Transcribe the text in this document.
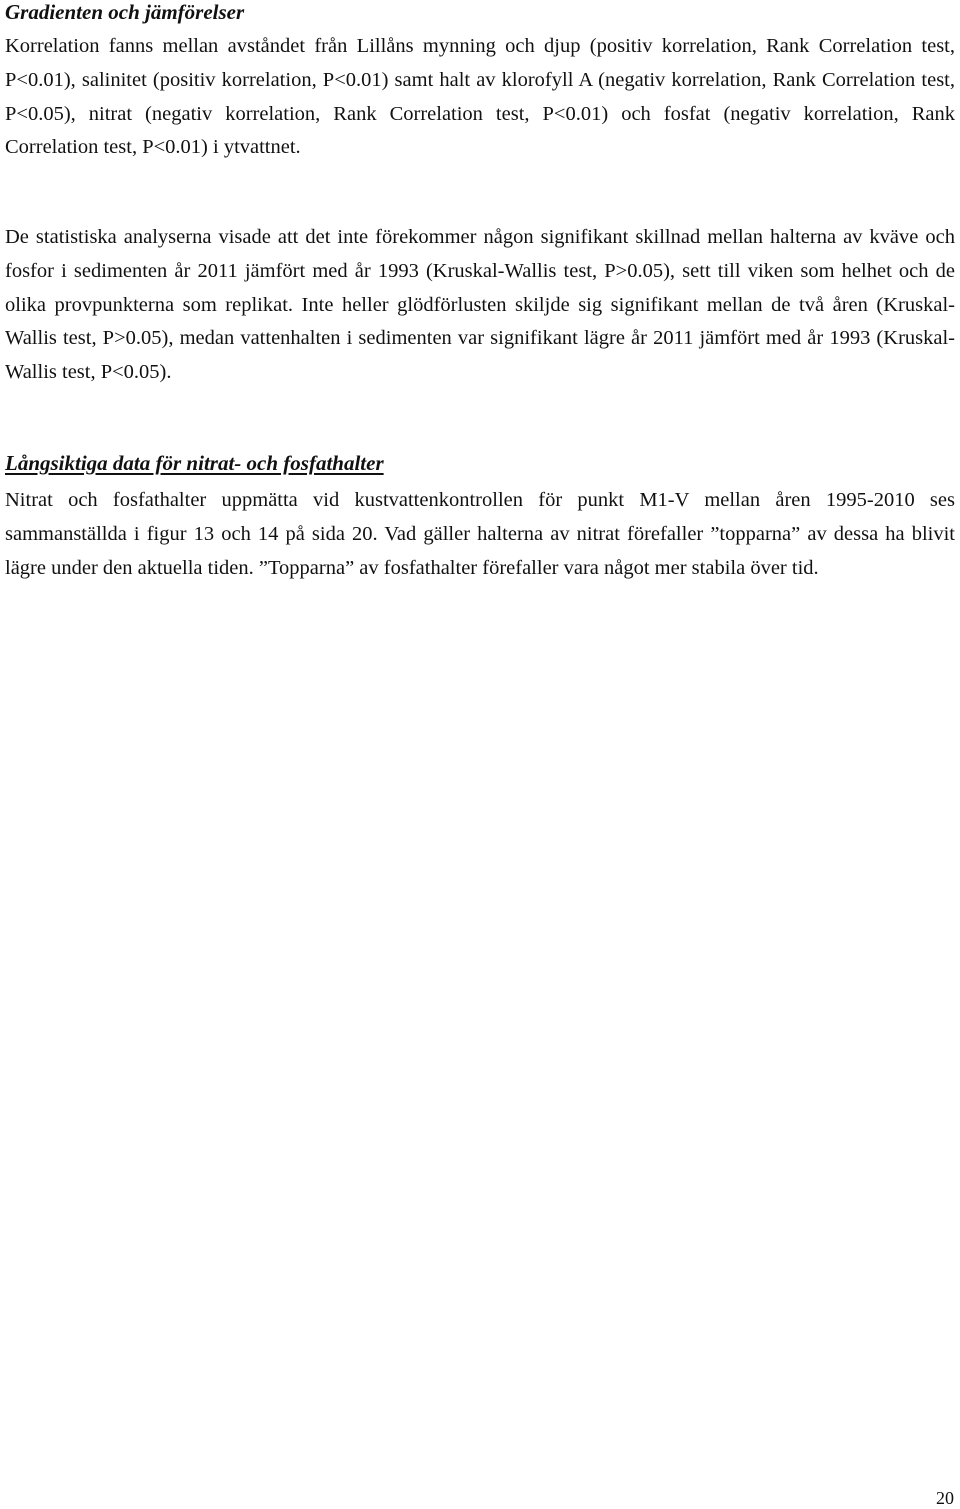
Gradienten och jämförelser

Korrelation fanns mellan avståndet från Lillåns mynning och djup (positiv korrelation, Rank Correlation test, P<0.01), salinitet (positiv korrelation, P<0.01) samt halt av klorofyll A (negativ korrelation, Rank Correlation test, P<0.05), nitrat (negativ korrelation, Rank Correlation test, P<0.01) och fosfat (negativ korrelation, Rank Correlation test, P<0.01) i ytvattnet.

De statistiska analyserna visade att det inte förekommer någon signifikant skillnad mellan halterna av kväve och fosfor i sedimenten år 2011 jämfört med år 1993 (Kruskal-Wallis test, P>0.05), sett till viken som helhet och de olika provpunkterna som replikat. Inte heller glödförlusten skiljde sig signifikant mellan de två åren (Kruskal-Wallis test, P>0.05), medan vattenhalten i sedimenten var signifikant lägre år 2011 jämfört med år 1993 (Kruskal-Wallis test, P<0.05).

Långsiktiga data för nitrat- och fosfathalter

Nitrat och fosfathalter uppmätta vid kustvattenkontrollen för punkt M1-V mellan åren 1995-2010 ses sammanställda i figur 13 och 14 på sida 20. Vad gäller halterna av nitrat förefaller ”topparna” av dessa ha blivit lägre under den aktuella tiden. ”Topparna” av fosfathalter förefaller vara något mer stabila över tid.

20
